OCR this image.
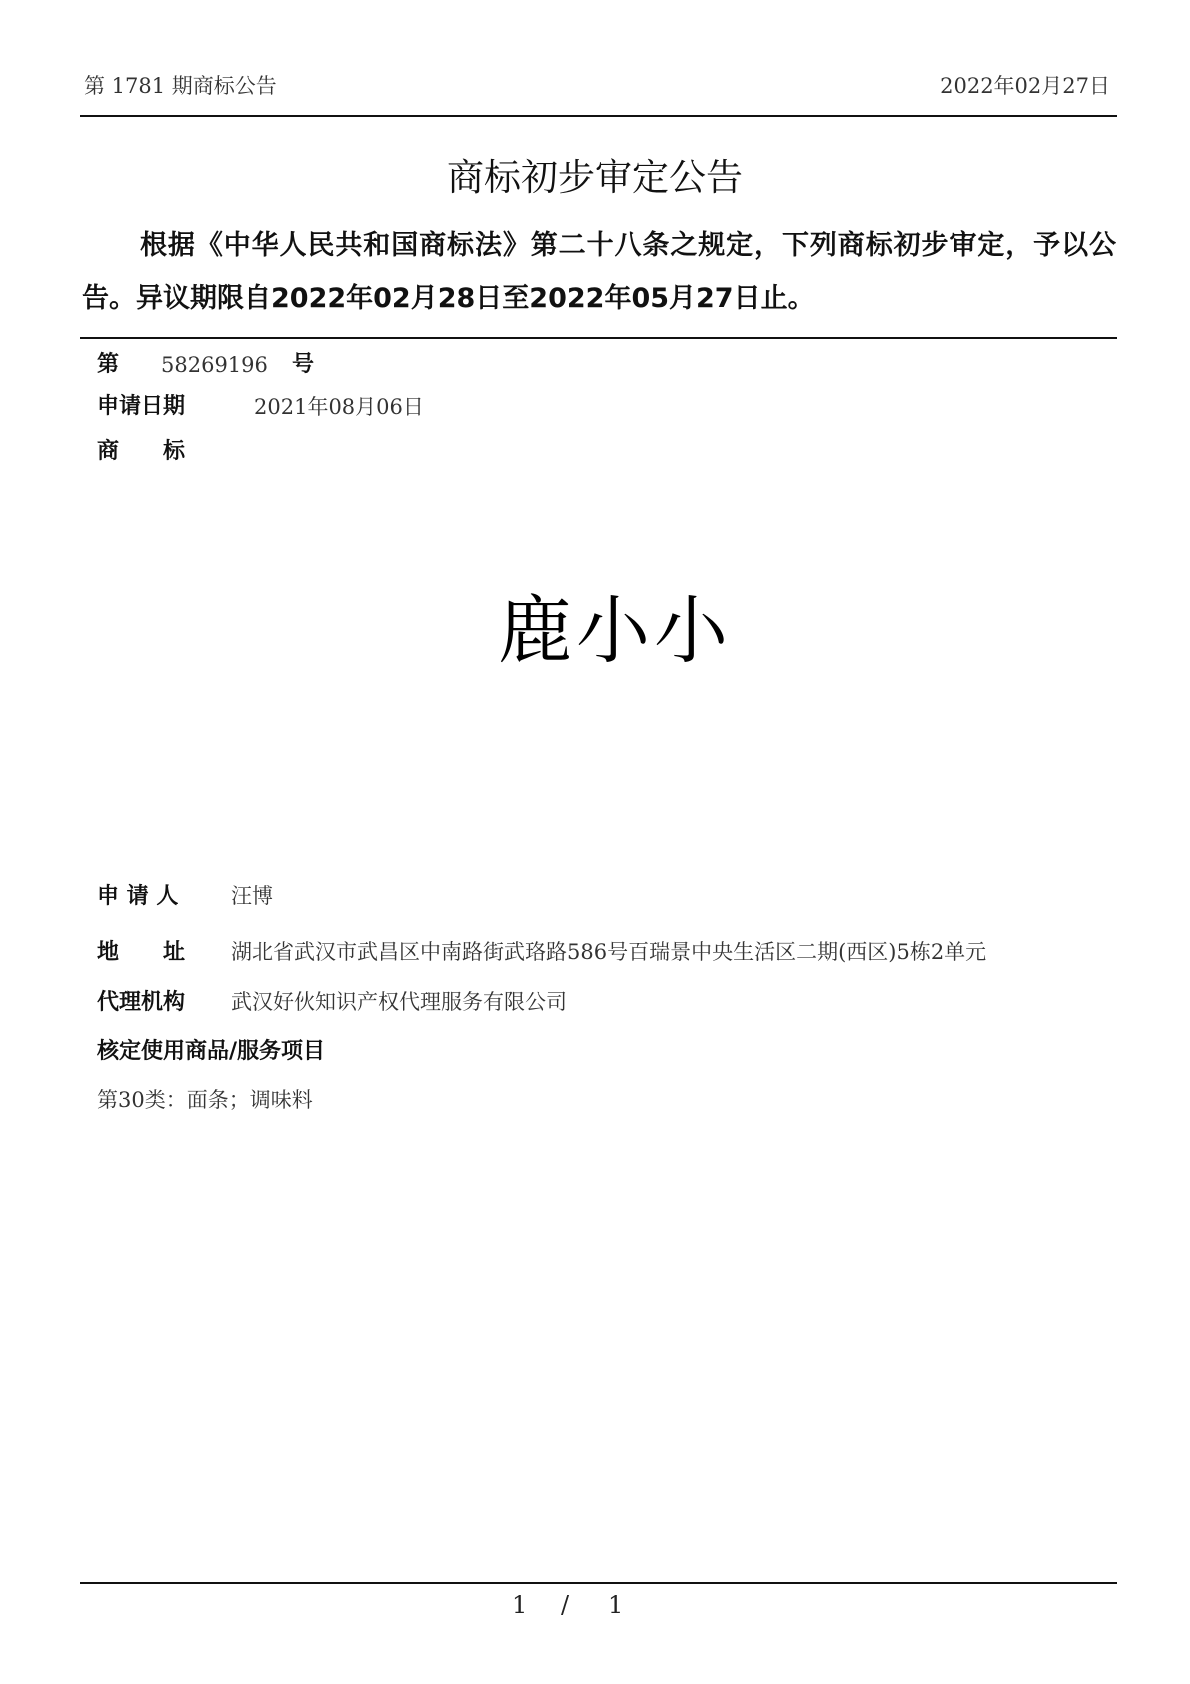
第 1781 期商标公告	2022年02月27日
商标初步审定公告
根据《中华人民共和国商标法》第二十八条之规定，下列商标初步审定，予以公告。异议期限自2022年02月28日至2022年05月27日止。
第 58269196 号
申请日期	2021年08月06日
商　　标
鹿小小
申 请 人	汪博
地　　址 湖北省武汉市武昌区中南路街武珞路586号百瑞景中央生活区二期(西区)5栋2单元
代理机构 武汉好伙知识产权代理服务有限公司
核定使用商品/服务项目
第30类：面条；调味料
1 / 1
